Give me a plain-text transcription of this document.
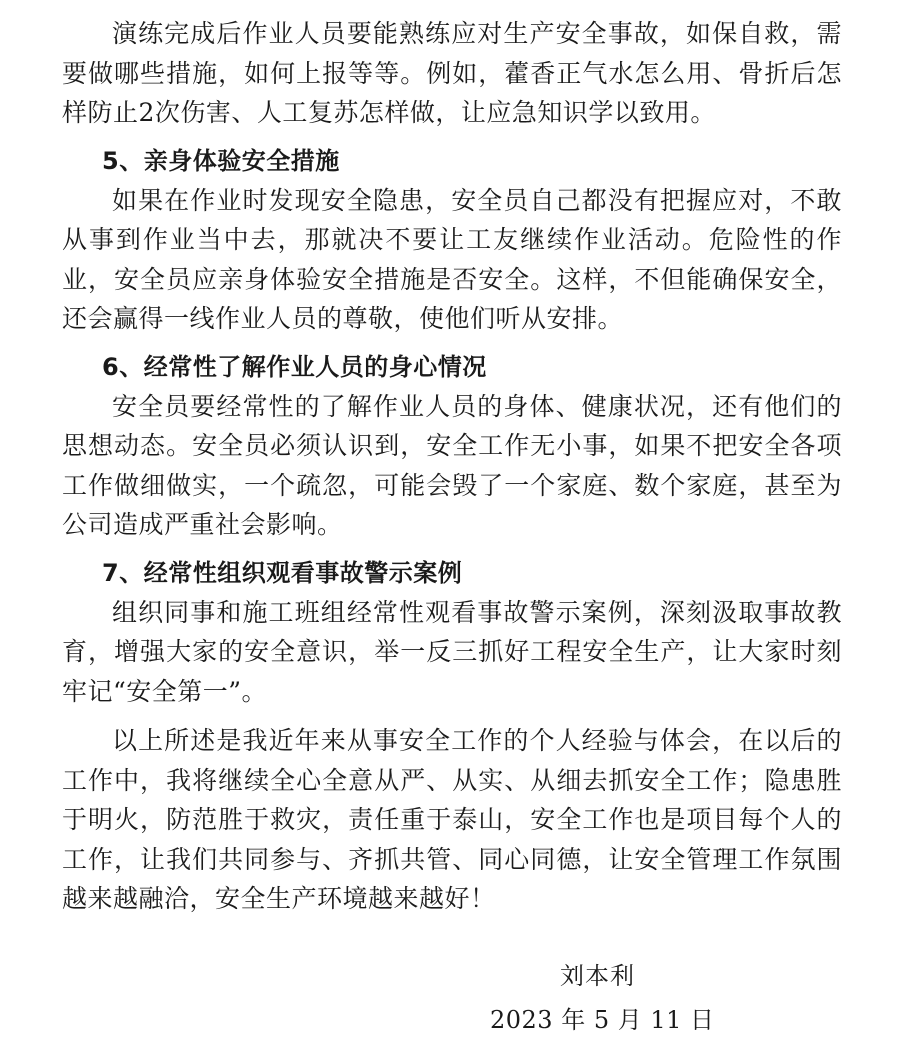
演练完成后作业人员要能熟练应对生产安全事故，如保自救，需要做哪些措施，如何上报等等。例如，藿香正气水怎么用、骨折后怎样防止2次伤害、人工复苏怎样做，让应急知识学以致用。

5、亲身体验安全措施

如果在作业时发现安全隐患，安全员自己都没有把握应对，不敢从事到作业当中去，那就决不要让工友继续作业活动。危险性的作业，安全员应亲身体验安全措施是否安全。这样，不但能确保安全，还会赢得一线作业人员的尊敬，使他们听从安排。

6、经常性了解作业人员的身心情况

安全员要经常性的了解作业人员的身体、健康状况，还有他们的思想动态。安全员必须认识到，安全工作无小事，如果不把安全各项工作做细做实，一个疏忽，可能会毁了一个家庭、数个家庭，甚至为公司造成严重社会影响。

7、经常性组织观看事故警示案例

组织同事和施工班组经常性观看事故警示案例，深刻汲取事故教育，增强大家的安全意识，举一反三抓好工程安全生产，让大家时刻牢记“安全第一”。

以上所述是我近年来从事安全工作的个人经验与体会，在以后的工作中，我将继续全心全意从严、从实、从细去抓安全工作；隐患胜于明火，防范胜于救灾，责任重于泰山，安全工作也是项目每个人的工作，让我们共同参与、齐抓共管、同心同德，让安全管理工作氛围越来越融洽，安全生产环境越来越好！

刘本利
2023 年 5 月 11 日
